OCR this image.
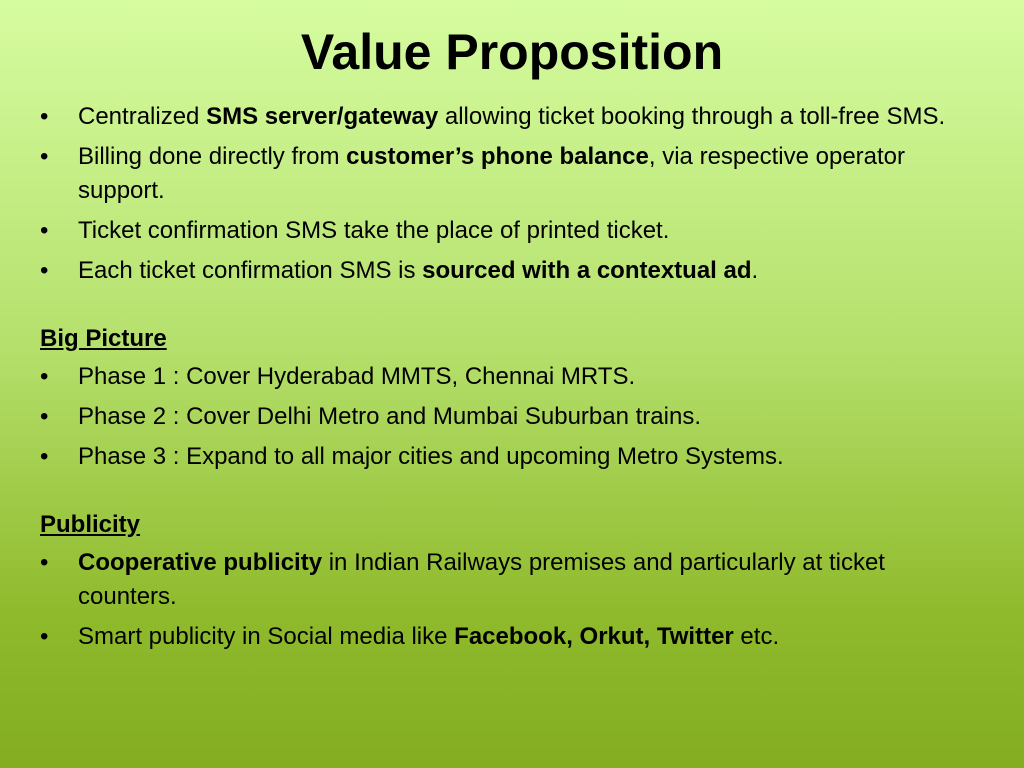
Value Proposition
• Centralized SMS server/gateway allowing ticket booking through a toll-free SMS.
• Billing done directly from customer’s phone balance, via respective operator support.
• Ticket confirmation SMS take the place of printed ticket.
• Each ticket confirmation SMS is sourced with a contextual ad.
Big Picture
• Phase 1 : Cover Hyderabad MMTS, Chennai MRTS.
• Phase 2 : Cover Delhi Metro and Mumbai Suburban trains.
• Phase 3 : Expand to all major cities and upcoming Metro Systems.
Publicity
• Cooperative publicity in Indian Railways premises and particularly at ticket counters.
• Smart publicity in Social media like Facebook, Orkut, Twitter etc.
